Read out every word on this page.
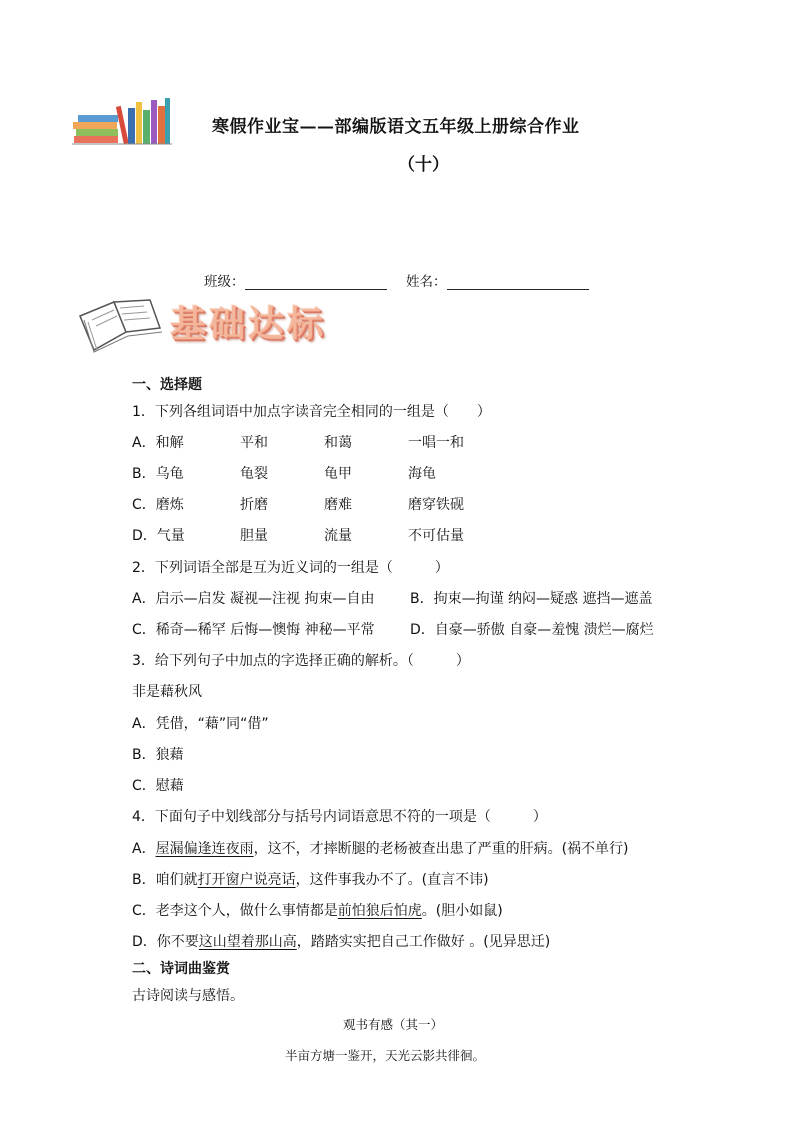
寒假作业宝——部编版语文五年级上册综合作业
（十）
班级：	姓名：
基础达标
一、选择题
1．下列各组词语中加点字读音完全相同的一组是（　　）
A．和解	平和	和蔼	一唱一和
B．乌龟	龟裂	龟甲	海龟
C．磨炼	折磨	磨难	磨穿铁砚
D．气量	胆量	流量	不可估量
2．下列词语全部是互为近义词的一组是（　　　）
A．启示—启发 凝视—注视 拘束—自由	B．拘束—拘谨 纳闷—疑惑 遮挡—遮盖
C．稀奇—稀罕 后悔—懊悔 神秘—平常	D．自豪—骄傲 自豪—羞愧 溃烂—腐烂
3．给下列句子中加点的字选择正确的解析。（　　　）
非是藉秋风
A．凭借，“藉”同“借”
B．狼藉
C．慰藉
4．下面句子中划线部分与括号内词语意思不符的一项是（　　　）
A．屋漏偏逢连夜雨，这不，才摔断腿的老杨被查出患了严重的肝病。(祸不单行)
B．咱们就打开窗户说亮话，这件事我办不了。(直言不讳)
C．老李这个人，做什么事情都是前怕狼后怕虎。(胆小如鼠)
D．你不要这山望着那山高，踏踏实实把自己工作做好 。(见异思迁)
二、诗词曲鉴赏
古诗阅读与感悟。
观书有感（其一）
半亩方塘一鉴开，天光云影共徘徊。
